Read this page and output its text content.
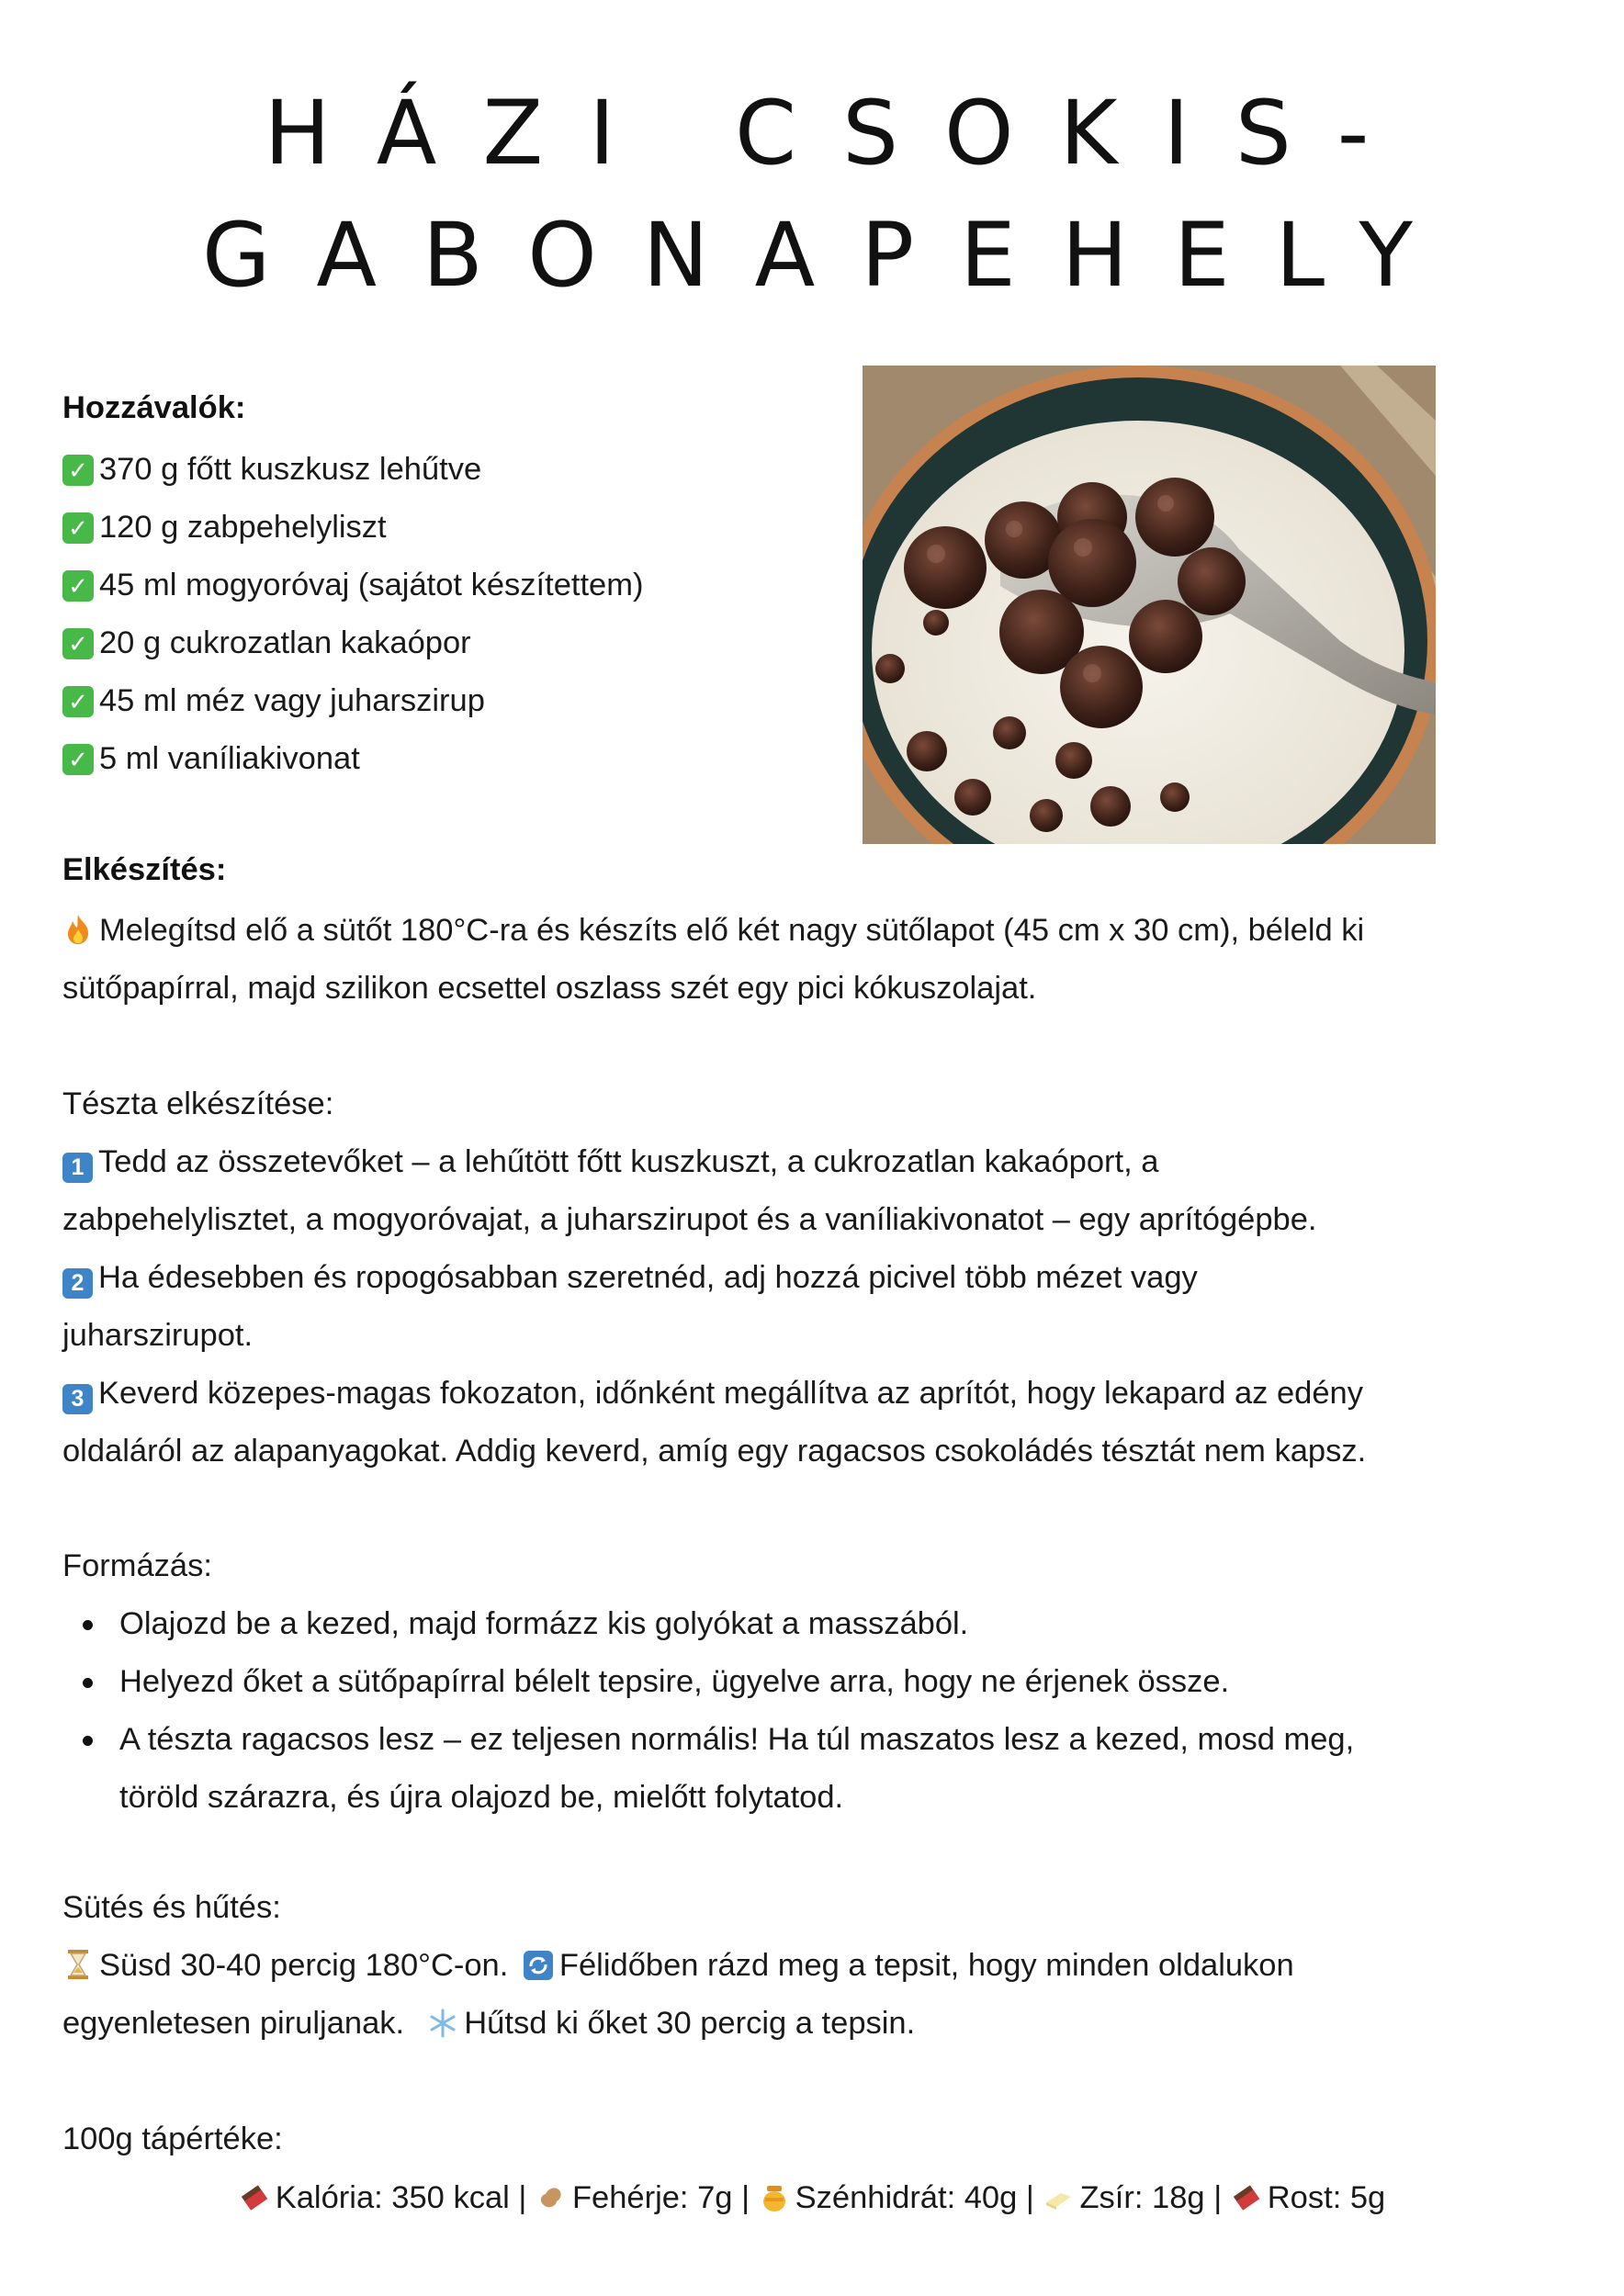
HÁZI CSOKIS-
GABONAPEHELY
Hozzávalók:
✓ 370 g főtt kuszkusz lehűtve
✓ 120 g zabpehelyliszt
✓ 45 ml mogyoróvaj (sajátot készítettem)
✓ 20 g cukrozatlan kakaópor
✓ 45 ml méz vagy juharszirup
✓ 5 ml vaníliakivonat
Elkészítés:

Melegítsd elő a sütőt 180°C-ra és készíts elő két nagy sütőlapot (45 cm x 30 cm), béleld ki

sütőpapírral, majd szilikon ecsettel oszlass szét egy pici kókuszolajat.

Tészta elkészítése:

1 Tedd az összetevőket – a lehűtött főtt kuszkuszt, a cukrozatlan kakaóport, a

zabpehelylisztet, a mogyoróvajat, a juharszirupot és a vaníliakivonatot – egy aprítógépbe.

2 Ha édesebben és ropogósabban szeretnéd, adj hozzá picivel több mézet vagy

juharszirupot.

3 Keverd közepes-magas fokozaton, időnként megállítva az aprítót, hogy lekapard az edény

oldaláról az alapanyagokat. Addig keverd, amíg egy ragacsos csokoládés tésztát nem kapsz.

Formázás:
Olajozd be a kezed, majd formázz kis golyókat a masszából.
Helyezd őket a sütőpapírral bélelt tepsire, ügyelve arra, hogy ne érjenek össze.
A tészta ragacsos lesz – ez teljesen normális! Ha túl maszatos lesz a kezed, mosd meg,
töröld szárazra, és újra olajozd be, mielőtt folytatod.

Sütés és hűtés:

Süsd 30-40 percig 180°C-on. Félidőben rázd meg a tepsit, hogy minden oldalukon

egyenletesen piruljanak. Hűtsd ki őket 30 percig a tepsin.

100g tápértéke:
Kalória: 350 kcal | Fehérje: 7g | Szénhidrát: 40g | Zsír: 18g | Rost: 5g
